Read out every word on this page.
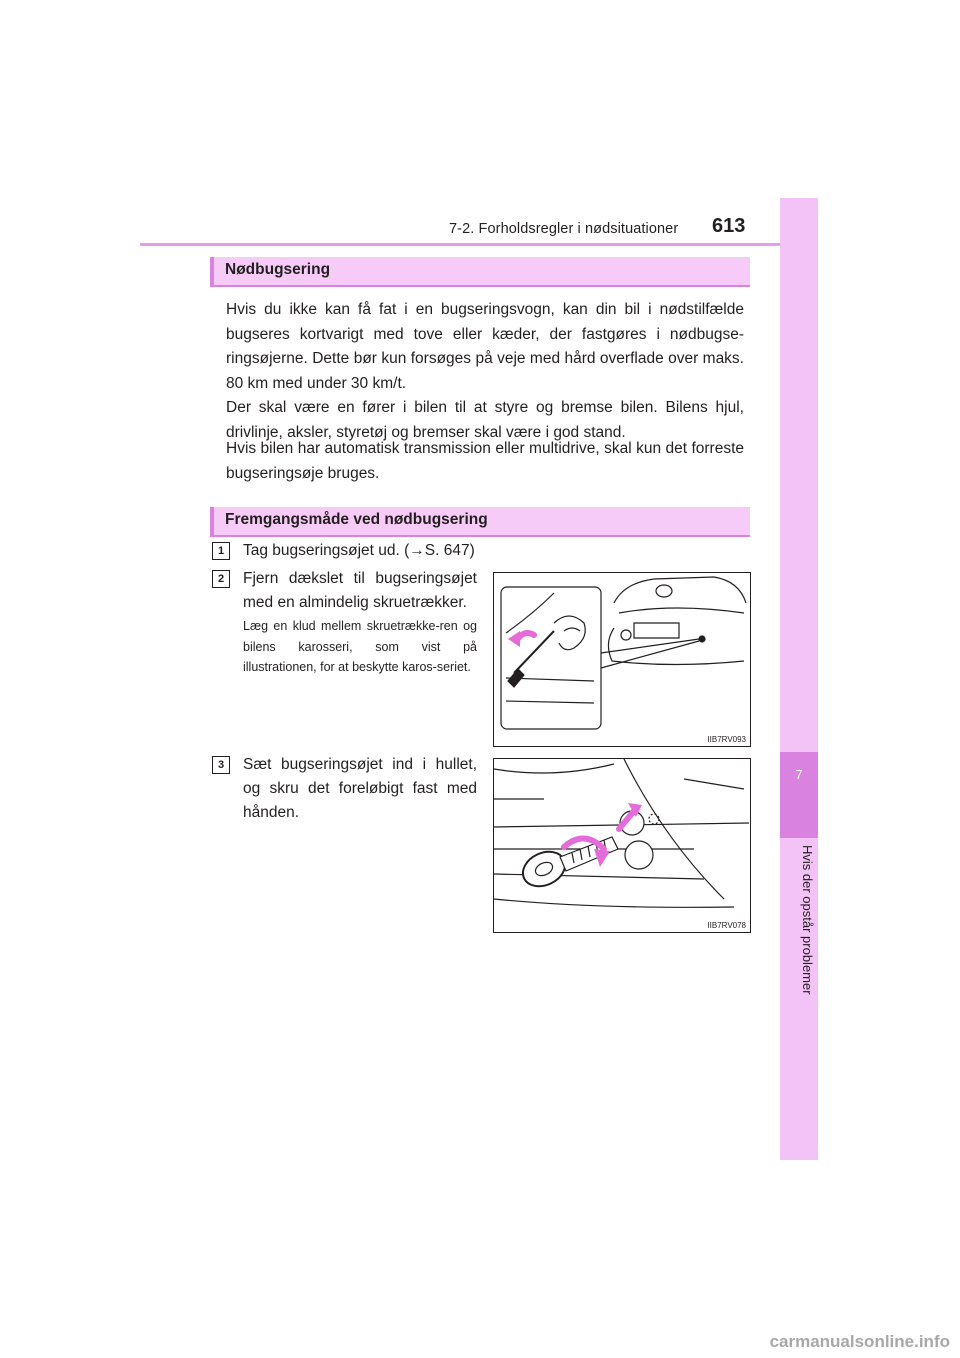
7-2. Forholdsregler i nødsituationer 613
7
Hvis der opstår problemer
Nødbugsering

Hvis du ikke kan få fat i en bugseringsvogn, kan din bil i nødstilfælde bugseres kortvarigt med tove eller kæder, der fastgøres i nødbugse-ringsøjerne. Dette bør kun forsøges på veje med hård overflade over maks. 80 km med under 30 km/t.

Der skal være en fører i bilen til at styre og bremse bilen. Bilens hjul, drivlinje, aksler, styretøj og bremser skal være i god stand.

Hvis bilen har automatisk transmission eller multidrive, skal kun det forreste bugseringsøje bruges.

Fremgangsmåde ved nødbugsering
1	Tag bugseringsøjet ud. (→S. 647)

2	Fjern dækslet til bugseringsøjet med en almindelig skruetrækker.

Læg en klud mellem skruetrække-ren og bilens karosseri, som vist på illustrationen, for at beskytte karos-seriet.

IIB7RV093
3	Sæt bugseringsøjet ind i hullet, og skru det foreløbigt fast med hånden.

IIB7RV078
carmanualsonline.info
